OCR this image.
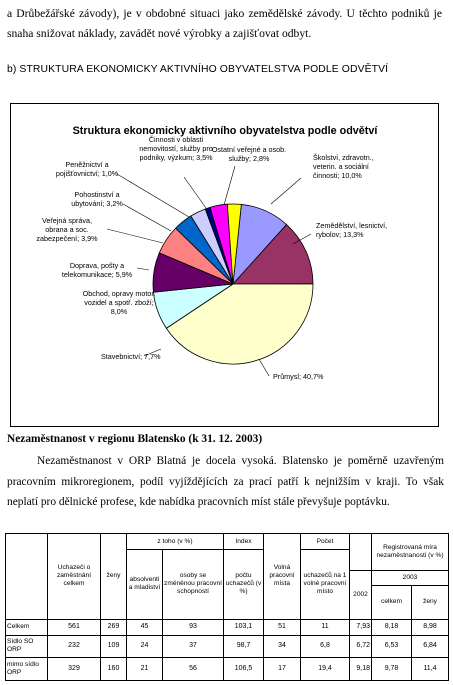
a Drůbežářské závody), je v obdobné situaci jako zemědělské závody. U těchto podniků je snaha snižovat náklady, zavádět nové výrobky a zajišťovat odbyt.
b) STRUKTURA EKONOMICKY AKTIVNÍHO OBYVATELSTVA PODLE ODVĚTVÍ
Struktura ekonomicky aktivního obyvatelstva podle odvětví
Školství, zdravotn., veterin. a sociální činnosti; 10,0%
Zemědělství, lesnictví, rybolov; 13,3%
Průmysl; 40,7%
Stavebnictví; 7,7%
Obchod, opravy motor. vozidel a spotř. zboží; 8,0%
Doprava, pošty a telekomunikace; 5,9%
Veřejná správa, obrana a soc. zabezpečení; 3,9%
Pohostinství a ubytování; 3,2%
Peněžnictví a pojišťovnictví; 1,0%
Činnosti v oblasti nemovitostí, služby pro podniky, výzkum; 3,5%
Ostatní veřejné a osob. služby; 2,8%
Nezaměstnanost v regionu Blatensko (k 31. 12. 2003)
Nezaměstnanost v ORP Blatná je docela vysoká. Blatensko je poměrně uzavřeným pracovním mikroregionem, podíl vyjíždějících za prací patří k nejnižším v kraji. To však neplatí pro dělnické profese, kde nabídka pracovních míst stále převyšuje poptávku.
	Uchazeči o zaměstnání celkem	ženy	z toho (v %)		Index	Volná pracovní místa	Počet		Registrovaná míra nezaměstnanosti (v %)	
			absolventi a mladiství	osoby se změněnou pracovní schopností	počtu uchazečů (v %)		uchazečů na 1 volné pracovní místo			
								2002	2003	
									celkem	ženy
Celkem	561	269	45	93	103,1	51	11	7,93	8,18	8,98
Sídlo SO ORP	232	109	24	37	98,7	34	6,8	6,72	6,53	6,84
mimo sídlo ORP	329	160	21	56	106,5	17	19,4	9,18	9,78	11,4
